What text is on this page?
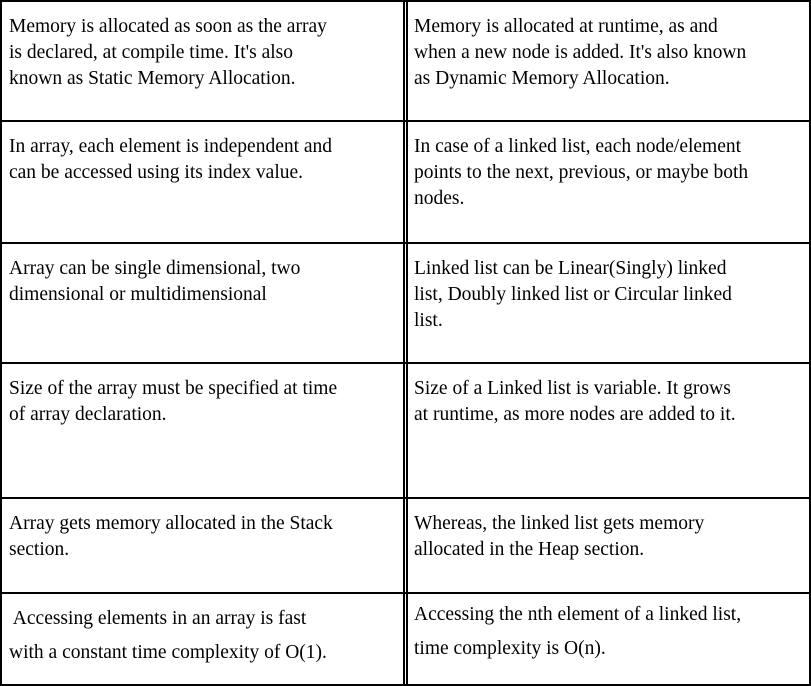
Memory is allocated as soon as the array
is declared, at compile time. It's also
known as Static Memory Allocation.
Memory is allocated at runtime, as and
when a new node is added. It's also known
as Dynamic Memory Allocation.
In array, each element is independent and
can be accessed using its index value.
In case of a linked list, each node/element
points to the next, previous, or maybe both
nodes.
Array can be single dimensional, two
dimensional or multidimensional
Linked list can be Linear(Singly) linked
list, Doubly linked list or Circular linked
list.
Size of the array must be specified at time
of array declaration.
Size of a Linked list is variable. It grows
at runtime, as more nodes are added to it.
Array gets memory allocated in the Stack
section.
Whereas, the linked list gets memory
allocated in the Heap section.
Accessing elements in an array is fast
with a constant time complexity of O(1).
Accessing the nth element of a linked list,
time complexity is O(n).
